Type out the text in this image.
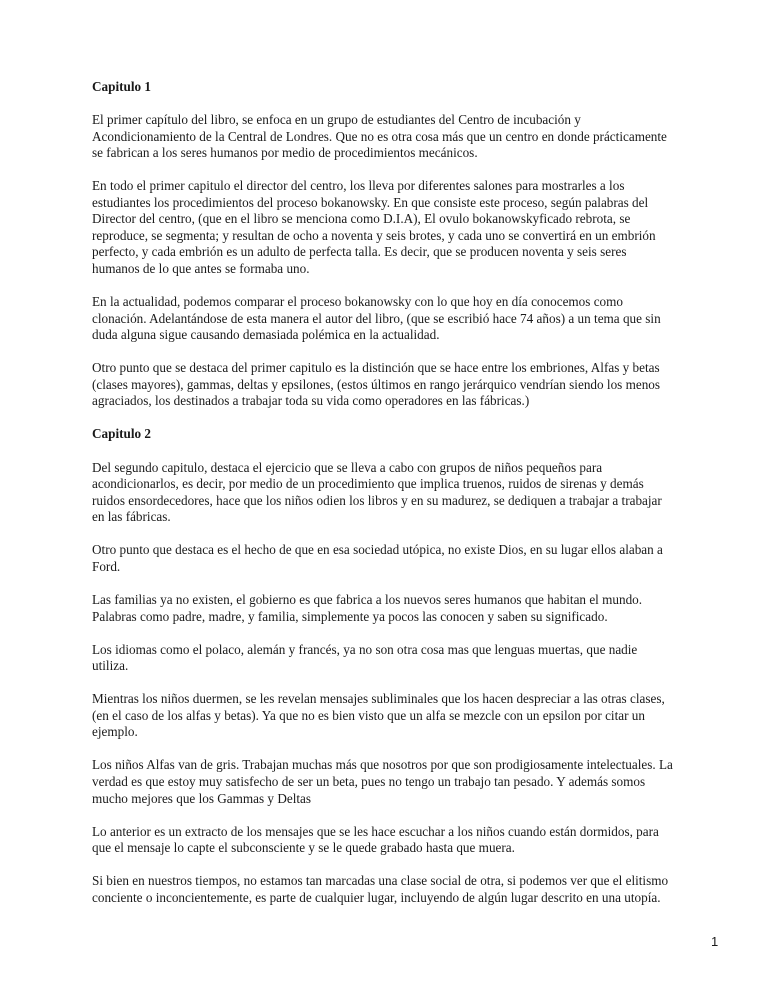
Capitulo 1
El primer capítulo del libro, se enfoca en un grupo de estudiantes del Centro de incubación y
Acondicionamiento de la Central de Londres. Que no es otra cosa más que un centro en donde prácticamente
se fabrican a los seres humanos por medio de procedimientos mecánicos.
En todo el primer capitulo el director del centro, los lleva por diferentes salones para mostrarles a los
estudiantes los procedimientos del proceso bokanowsky. En que consiste este proceso, según palabras del
Director del centro, (que en el libro se menciona como D.I.A), El ovulo bokanowskyficado rebrota, se
reproduce, se segmenta; y resultan de ocho a noventa y seis brotes, y cada uno se convertirá en un embrión
perfecto, y cada embrión es un adulto de perfecta talla. Es decir, que se producen noventa y seis seres
humanos de lo que antes se formaba uno.
En la actualidad, podemos comparar el proceso bokanowsky con lo que hoy en día conocemos como
clonación. Adelantándose de esta manera el autor del libro, (que se escribió hace 74 años) a un tema que sin
duda alguna sigue causando demasiada polémica en la actualidad.
Otro punto que se destaca del primer capitulo es la distinción que se hace entre los embriones, Alfas y betas
(clases mayores), gammas, deltas y epsilones, (estos últimos en rango jerárquico vendrían siendo los menos
agraciados, los destinados a trabajar toda su vida como operadores en las fábricas.)
Capitulo 2
Del segundo capitulo, destaca el ejercicio que se lleva a cabo con grupos de niños pequeños para
acondicionarlos, es decir, por medio de un procedimiento que implica truenos, ruidos de sirenas y demás
ruidos ensordecedores, hace que los niños odien los libros y en su madurez, se dediquen a trabajar a trabajar
en las fábricas.
Otro punto que destaca es el hecho de que en esa sociedad utópica, no existe Dios, en su lugar ellos alaban a
Ford.
Las familias ya no existen, el gobierno es que fabrica a los nuevos seres humanos que habitan el mundo.
Palabras como padre, madre, y familia, simplemente ya pocos las conocen y saben su significado.
Los idiomas como el polaco, alemán y francés, ya no son otra cosa mas que lenguas muertas, que nadie
utiliza.
Mientras los niños duermen, se les revelan mensajes subliminales que los hacen despreciar a las otras clases,
(en el caso de los alfas y betas). Ya que no es bien visto que un alfa se mezcle con un epsilon por citar un
ejemplo.
Los niños Alfas van de gris. Trabajan muchas más que nosotros por que son prodigiosamente intelectuales. La
verdad es que estoy muy satisfecho de ser un beta, pues no tengo un trabajo tan pesado. Y además somos
mucho mejores que los Gammas y Deltas
Lo anterior es un extracto de los mensajes que se les hace escuchar a los niños cuando están dormidos, para
que el mensaje lo capte el subconsciente y se le quede grabado hasta que muera.
Si bien en nuestros tiempos, no estamos tan marcadas una clase social de otra, si podemos ver que el elitismo
conciente o inconcientemente, es parte de cualquier lugar, incluyendo de algún lugar descrito en una utopía.
1
